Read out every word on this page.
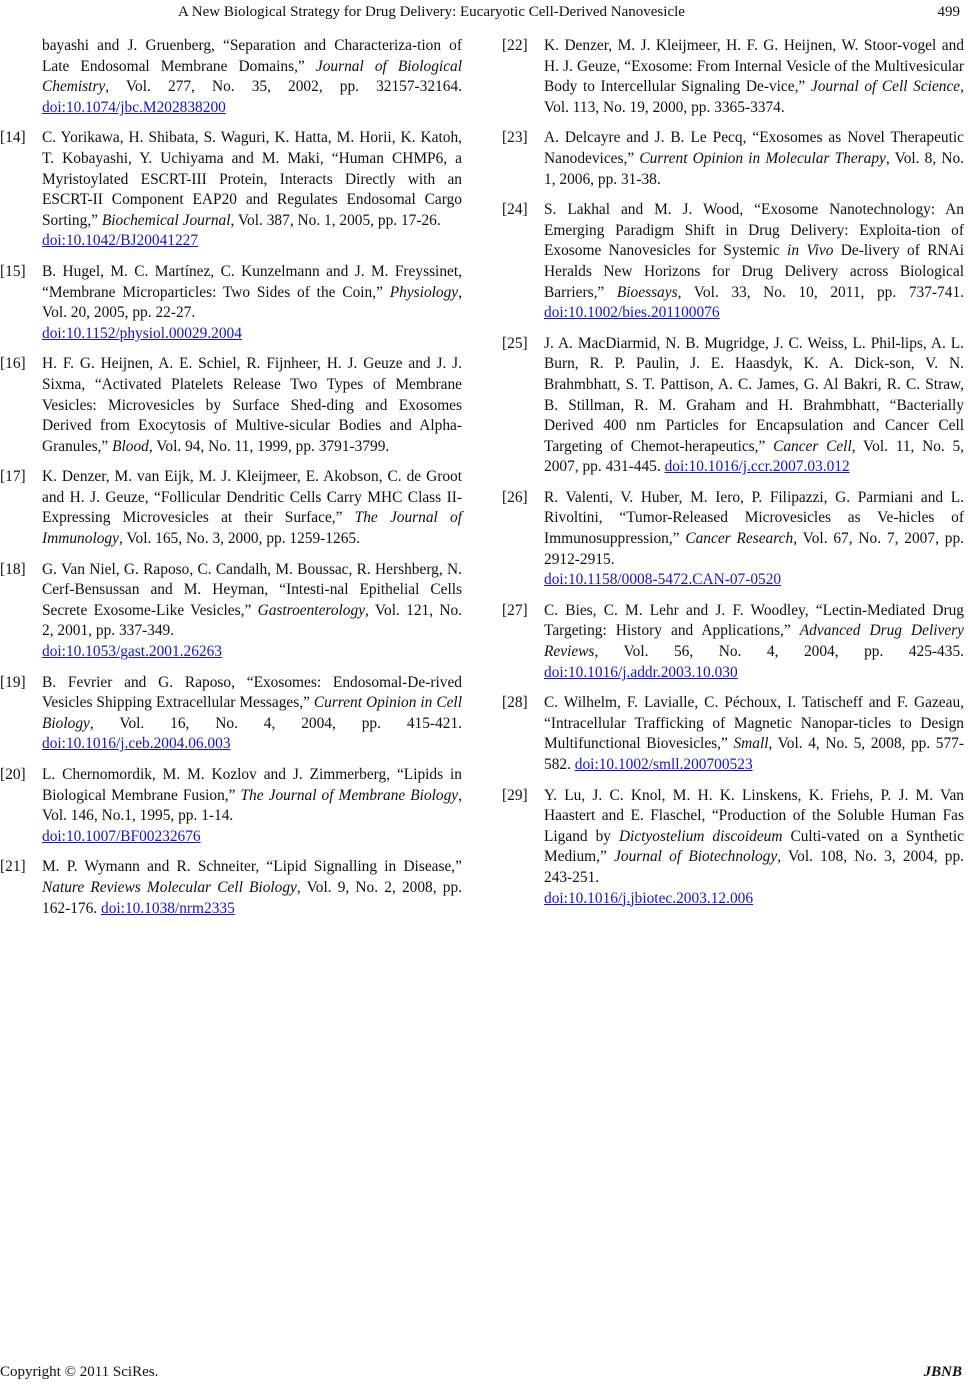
A New Biological Strategy for Drug Delivery: Eucaryotic Cell-Derived Nanovesicle	499
bayashi and J. Gruenberg, “Separation and Characteriza-tion of Late Endosomal Membrane Domains,” Journal of Biological Chemistry, Vol. 277, No. 35, 2002, pp. 32157-32164. doi:10.1074/jbc.M202838200
[14] C. Yorikawa, H. Shibata, S. Waguri, K. Hatta, M. Horii, K. Katoh, T. Kobayashi, Y. Uchiyama and M. Maki, “Human CHMP6, a Myristoylated ESCRT-III Protein, Interacts Directly with an ESCRT-II Component EAP20 and Regulates Endosomal Cargo Sorting,” Biochemical Journal, Vol. 387, No. 1, 2005, pp. 17-26.
doi:10.1042/BJ20041227
[15] B. Hugel, M. C. Martínez, C. Kunzelmann and J. M. Freyssinet, “Membrane Microparticles: Two Sides of the Coin,” Physiology, Vol. 20, 2005, pp. 22-27.
doi:10.1152/physiol.00029.2004
[16] H. F. G. Heijnen, A. E. Schiel, R. Fijnheer, H. J. Geuze and J. J. Sixma, “Activated Platelets Release Two Types of Membrane Vesicles: Microvesicles by Surface Shed-ding and Exosomes Derived from Exocytosis of Multive-sicular Bodies and Alpha-Granules,” Blood, Vol. 94, No. 11, 1999, pp. 3791-3799.
[17] K. Denzer, M. van Eijk, M. J. Kleijmeer, E. Akobson, C. de Groot and H. J. Geuze, “Follicular Dendritic Cells Carry MHC Class II-Expressing Microvesicles at their Surface,” The Journal of Immunology, Vol. 165, No. 3, 2000, pp. 1259-1265.
[18] G. Van Niel, G. Raposo, C. Candalh, M. Boussac, R. Hershberg, N. Cerf-Bensussan and M. Heyman, “Intesti-nal Epithelial Cells Secrete Exosome-Like Vesicles,” Gastroenterology, Vol. 121, No. 2, 2001, pp. 337-349.
doi:10.1053/gast.2001.26263
[19] B. Fevrier and G. Raposo, “Exosomes: Endosomal-De-rived Vesicles Shipping Extracellular Messages,” Current Opinion in Cell Biology, Vol. 16, No. 4, 2004, pp. 415-421. doi:10.1016/j.ceb.2004.06.003
[20] L. Chernomordik, M. M. Kozlov and J. Zimmerberg, “Lipids in Biological Membrane Fusion,” The Journal of Membrane Biology, Vol. 146, No.1, 1995, pp. 1-14.
doi:10.1007/BF00232676
[21] M. P. Wymann and R. Schneiter, “Lipid Signalling in Disease,” Nature Reviews Molecular Cell Biology, Vol. 9, No. 2, 2008, pp. 162-176. doi:10.1038/nrm2335
[22] K. Denzer, M. J. Kleijmeer, H. F. G. Heijnen, W. Stoor-vogel and H. J. Geuze, “Exosome: From Internal Vesicle of the Multivesicular Body to Intercellular Signaling De-vice,” Journal of Cell Science, Vol. 113, No. 19, 2000, pp. 3365-3374.
[23] A. Delcayre and J. B. Le Pecq, “Exosomes as Novel Therapeutic Nanodevices,” Current Opinion in Molecular Therapy, Vol. 8, No. 1, 2006, pp. 31-38.
[24] S. Lakhal and M. J. Wood, “Exosome Nanotechnology: An Emerging Paradigm Shift in Drug Delivery: Exploita-tion of Exosome Nanovesicles for Systemic in Vivo De-livery of RNAi Heralds New Horizons for Drug Delivery across Biological Barriers,” Bioessays, Vol. 33, No. 10, 2011, pp. 737-741. doi:10.1002/bies.201100076
[25] J. A. MacDiarmid, N. B. Mugridge, J. C. Weiss, L. Phil-lips, A. L. Burn, R. P. Paulin, J. E. Haasdyk, K. A. Dick-son, V. N. Brahmbhatt, S. T. Pattison, A. C. James, G. Al Bakri, R. C. Straw, B. Stillman, R. M. Graham and H. Brahmbhatt, “Bacterially Derived 400 nm Particles for Encapsulation and Cancer Cell Targeting of Chemot-herapeutics,” Cancer Cell, Vol. 11, No. 5, 2007, pp. 431-445. doi:10.1016/j.ccr.2007.03.012
[26] R. Valenti, V. Huber, M. Iero, P. Filipazzi, G. Parmiani and L. Rivoltini, “Tumor-Released Microvesicles as Ve-hicles of Immunosuppression,” Cancer Research, Vol. 67, No. 7, 2007, pp. 2912-2915.
doi:10.1158/0008-5472.CAN-07-0520
[27] C. Bies, C. M. Lehr and J. F. Woodley, “Lectin-Mediated Drug Targeting: History and Applications,” Advanced Drug Delivery Reviews, Vol. 56, No. 4, 2004, pp. 425-435. doi:10.1016/j.addr.2003.10.030
[28] C. Wilhelm, F. Lavialle, C. Péchoux, I. Tatischeff and F. Gazeau, “Intracellular Trafficking of Magnetic Nanopar-ticles to Design Multifunctional Biovesicles,” Small, Vol. 4, No. 5, 2008, pp. 577-582. doi:10.1002/smll.200700523
[29] Y. Lu, J. C. Knol, M. H. K. Linskens, K. Friehs, P. J. M. Van Haastert and E. Flaschel, “Production of the Soluble Human Fas Ligand by Dictyostelium discoideum Culti-vated on a Synthetic Medium,” Journal of Biotechnology, Vol. 108, No. 3, 2004, pp. 243-251.
doi:10.1016/j.jbiotec.2003.12.006
Copyright © 2011 SciRes.	JBNB
